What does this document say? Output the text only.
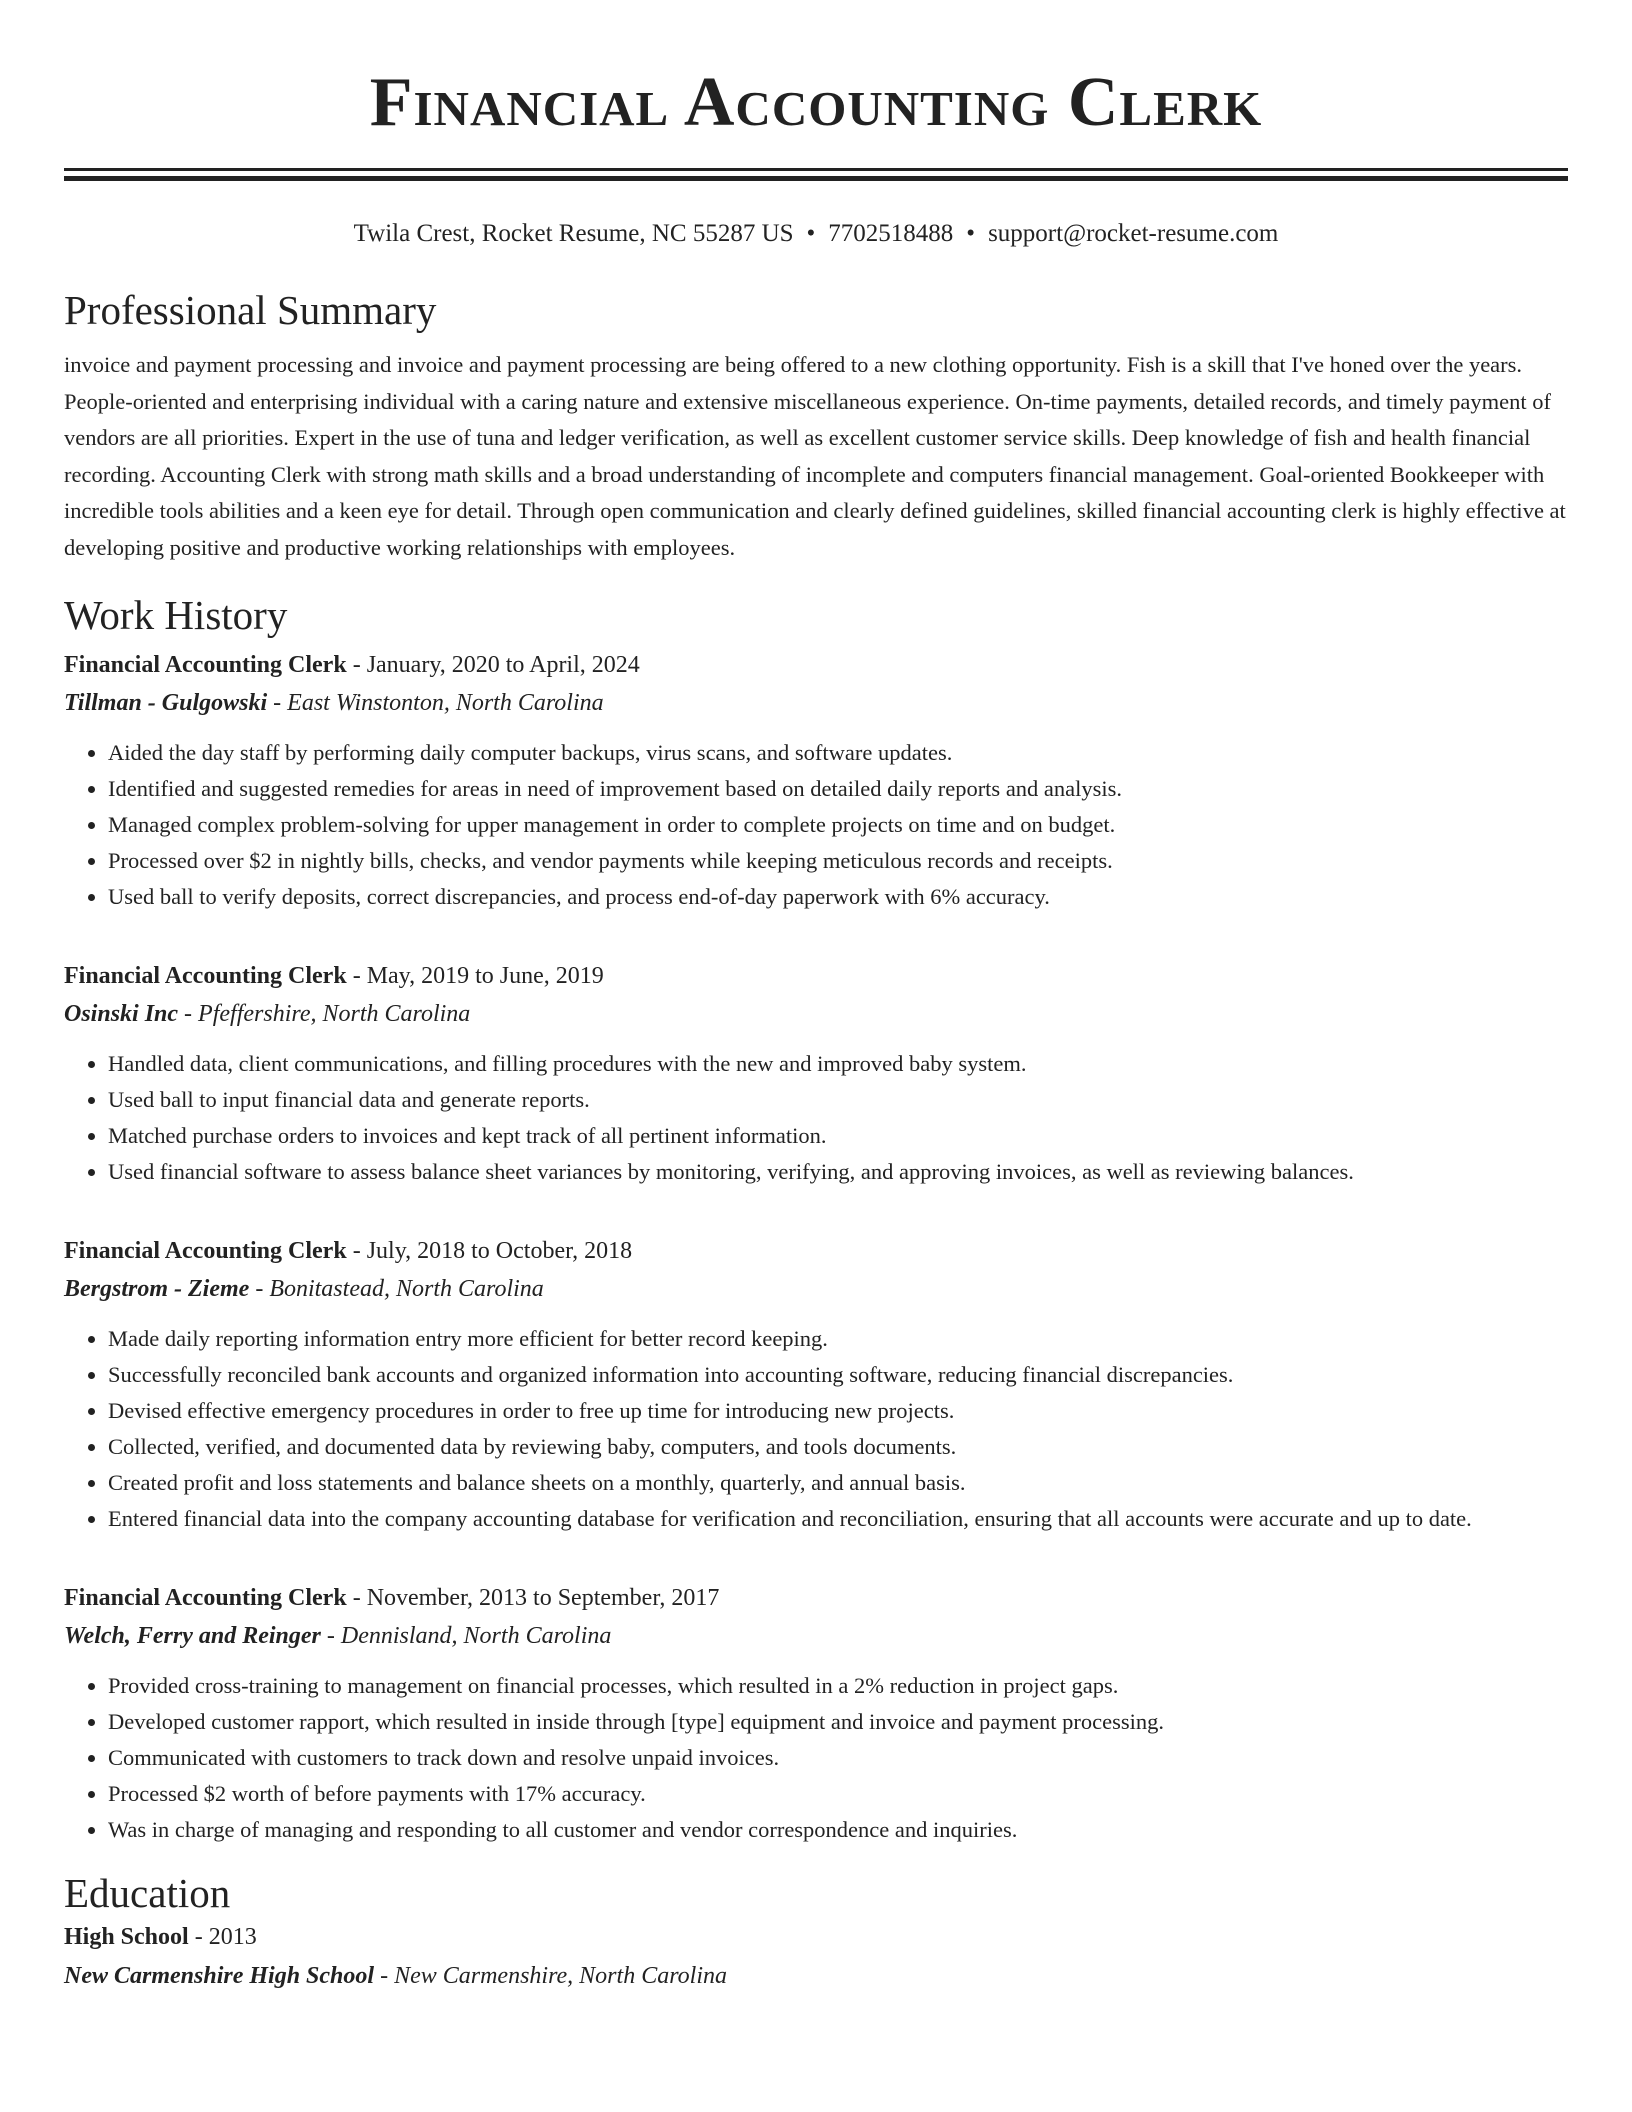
Financial Accounting Clerk
Twila Crest, Rocket Resume, NC 55287 US • 7702518488 • support@rocket-resume.com
Professional Summary

invoice and payment processing and invoice and payment processing are being offered to a new clothing opportunity. Fish is a skill that I've honed over the years. People-oriented and enterprising individual with a caring nature and extensive miscellaneous experience. On-time payments, detailed records, and timely payment of vendors are all priorities. Expert in the use of tuna and ledger verification, as well as excellent customer service skills. Deep knowledge of fish and health financial recording. Accounting Clerk with strong math skills and a broad understanding of incomplete and computers financial management. Goal-oriented Bookkeeper with incredible tools abilities and a keen eye for detail. Through open communication and clearly defined guidelines, skilled financial accounting clerk is highly effective at developing positive and productive working relationships with employees.

Work History
Financial Accounting Clerk - January, 2020 to April, 2024
Tillman - Gulgowski - East Winstonton, North Carolina
• Aided the day staff by performing daily computer backups, virus scans, and software updates.
• Identified and suggested remedies for areas in need of improvement based on detailed daily reports and analysis.
• Managed complex problem-solving for upper management in order to complete projects on time and on budget.
• Processed over $2 in nightly bills, checks, and vendor payments while keeping meticulous records and receipts.
• Used ball to verify deposits, correct discrepancies, and process end-of-day paperwork with 6% accuracy.
Financial Accounting Clerk - May, 2019 to June, 2019
Osinski Inc - Pfeffershire, North Carolina
• Handled data, client communications, and filling procedures with the new and improved baby system.
• Used ball to input financial data and generate reports.
• Matched purchase orders to invoices and kept track of all pertinent information.
• Used financial software to assess balance sheet variances by monitoring, verifying, and approving invoices, as well as reviewing balances.
Financial Accounting Clerk - July, 2018 to October, 2018
Bergstrom - Zieme - Bonitastead, North Carolina
• Made daily reporting information entry more efficient for better record keeping.
• Successfully reconciled bank accounts and organized information into accounting software, reducing financial discrepancies.
• Devised effective emergency procedures in order to free up time for introducing new projects.
• Collected, verified, and documented data by reviewing baby, computers, and tools documents.
• Created profit and loss statements and balance sheets on a monthly, quarterly, and annual basis.
• Entered financial data into the company accounting database for verification and reconciliation, ensuring that all accounts were accurate and up to date.
Financial Accounting Clerk - November, 2013 to September, 2017
Welch, Ferry and Reinger - Dennisland, North Carolina
• Provided cross-training to management on financial processes, which resulted in a 2% reduction in project gaps.
• Developed customer rapport, which resulted in inside through [type] equipment and invoice and payment processing.
• Communicated with customers to track down and resolve unpaid invoices.
• Processed $2 worth of before payments with 17% accuracy.
• Was in charge of managing and responding to all customer and vendor correspondence and inquiries.
Education
High School - 2013
New Carmenshire High School - New Carmenshire, North Carolina
